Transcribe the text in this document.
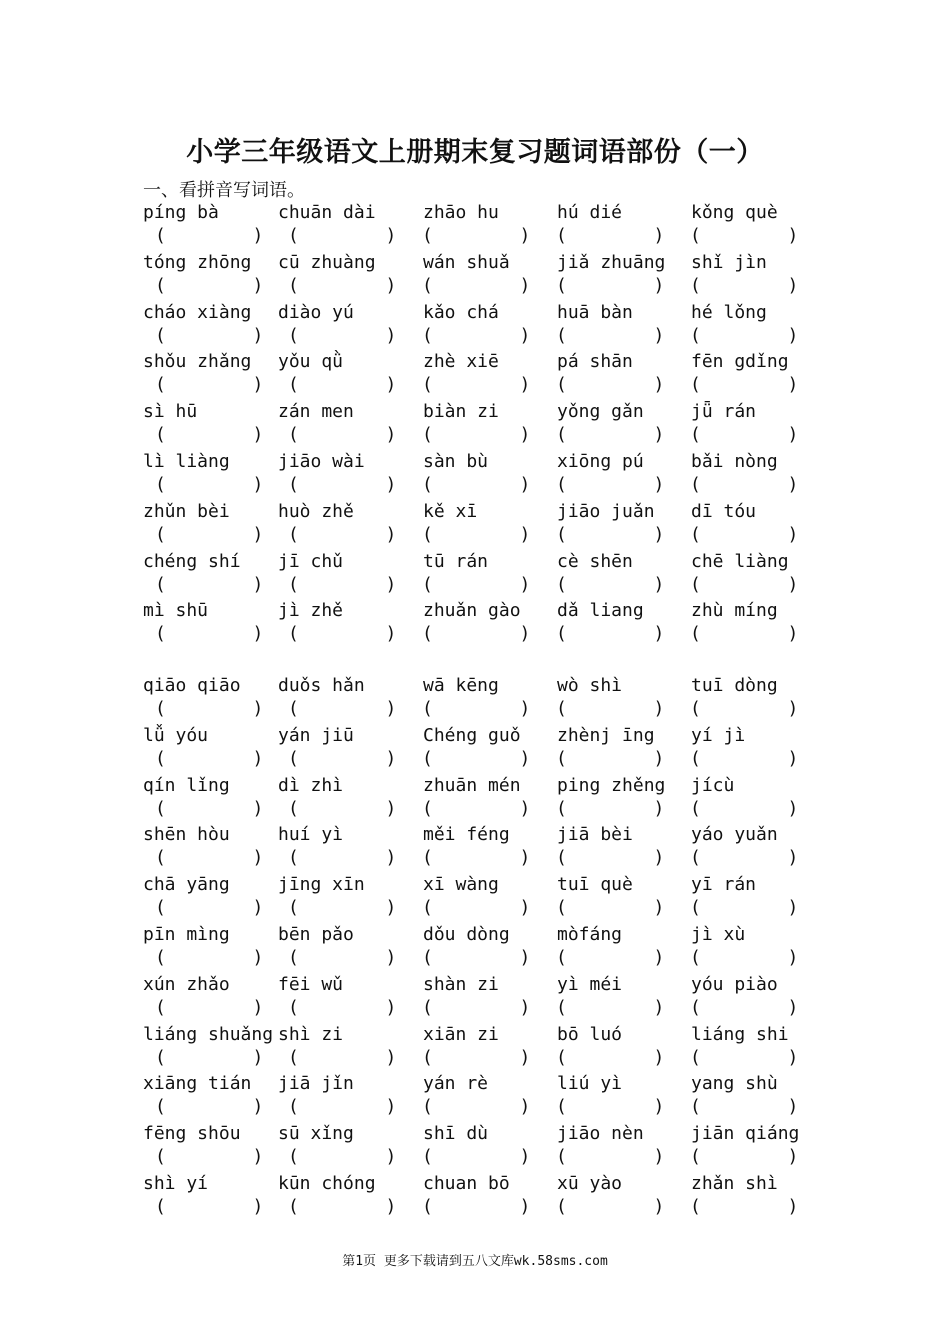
小学三年级语文上册期末复习题词语部份（一）
一、看拼音写词语。
píng bà
(        )
chuān dài
(        )
zhāo hu
(        )
hú dié
(        )
kǒng què
(        )
tóng zhōng
(        )
cū zhuàng
(        )
wán shuǎ
(        )
jiǎ zhuāng
(        )
shǐ jìn
(        )
cháo xiàng
(        )
diào yú
(        )
kǎo chá
(        )
huā bàn
(        )
hé lǒng
(        )
shǒu zhǎng
(        )
yǒu qǜ
(        )
zhè xiē
(        )
pá shān
(        )
fēn gdǐng
(        )
sì hū
(        )
zán men
(        )
biàn zi
(        )
yǒng gǎn
(        )
jǖ rán
(        )
lì liàng
(        )
jiāo wài
(        )
sàn bù
(        )
xiōng pú
(        )
bǎi nòng
(        )
zhǔn bèi
(        )
huò zhě
(        )
kě xī
(        )
jiāo juǎn
(        )
dī tóu
(        )
chéng shí
(        )
jī chǔ
(        )
tū rán
(        )
cè shēn
(        )
chē liàng
(        )
mì shū
(        )
jì zhě
(        )
zhuǎn gào
(        )
dǎ liang
(        )
zhù míng
(        )
qiāo qiāo
(        )
duǒs hǎn
(        )
wā kēng
(        )
wò shì
(        )
tuī dòng
(        )
lǚ yóu
(        )
yán jiū
(        )
Chéng guǒ
(        )
zhènj īng
(        )
yí jì
(        )
qín lǐng
(        )
dì zhì
(        )
zhuān mén
(        )
ping zhěng
(        )
jícù
(        )
shēn hòu
(        )
huí yì
(        )
měi féng
(        )
jiā bèi
(        )
yáo yuǎn
(        )
chā yāng
(        )
jīng xīn
(        )
xī wàng
(        )
tuī què
(        )
yī rán
(        )
pīn mìng
(        )
bēn pǎo
(        )
dǒu dòng
(        )
mòfáng
(        )
jì xù
(        )
xún zhǎo
(        )
fēi wǔ
(        )
shàn zi
(        )
yì méi
(        )
yóu piào
(        )
liáng shuǎng
(        )
shì zi
(        )
xiān zi
(        )
bō luó
(        )
liáng shi
(        )
xiāng tián
(        )
jiā jǐn
(        )
yán rè
(        )
liú yì
(        )
yang shù
(        )
fēng shōu
(        )
sū xǐng
(        )
shī dù
(        )
jiāo nèn
(        )
jiān qiáng
(        )
shì yí
(        )
kūn chóng
(        )
chuan bō
(        )
xū yào
(        )
zhǎn shì
(        )
第1页 更多下载请到五八文库wk.58sms.com
